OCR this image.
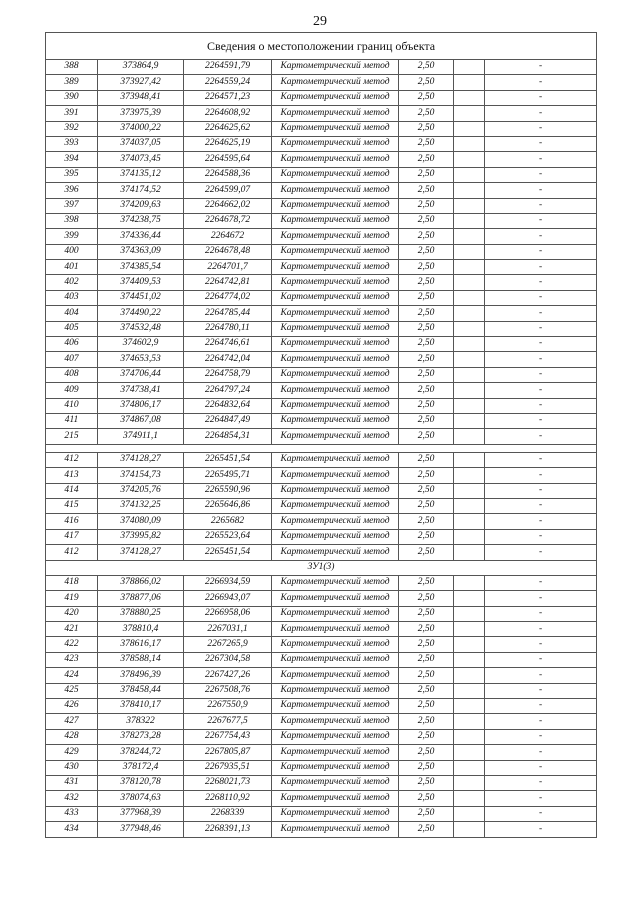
29
Сведения о местоположении границ объекта						
388	373864,9	2264591,79	Картометрический метод	2,50		-
389	373927,42	2264559,24	Картометрический метод	2,50		-
390	373948,41	2264571,23	Картометрический метод	2,50		-
391	373975,39	2264608,92	Картометрический метод	2,50		-
392	374000,22	2264625,62	Картометрический метод	2,50		-
393	374037,05	2264625,19	Картометрический метод	2,50		-
394	374073,45	2264595,64	Картометрический метод	2,50		-
395	374135,12	2264588,36	Картометрический метод	2,50		-
396	374174,52	2264599,07	Картометрический метод	2,50		-
397	374209,63	2264662,02	Картометрический метод	2,50		-
398	374238,75	2264678,72	Картометрический метод	2,50		-
399	374336,44	2264672	Картометрический метод	2,50		-
400	374363,09	2264678,48	Картометрический метод	2,50		-
401	374385,54	2264701,7	Картометрический метод	2,50		-
402	374409,53	2264742,81	Картометрический метод	2,50		-
403	374451,02	2264774,02	Картометрический метод	2,50		-
404	374490,22	2264785,44	Картометрический метод	2,50		-
405	374532,48	2264780,11	Картометрический метод	2,50		-
406	374602,9	2264746,61	Картометрический метод	2,50		-
407	374653,53	2264742,04	Картометрический метод	2,50		-
408	374706,44	2264758,79	Картометрический метод	2,50		-
409	374738,41	2264797,24	Картометрический метод	2,50		-
410	374806,17	2264832,64	Картометрический метод	2,50		-
411	374867,08	2264847,49	Картометрический метод	2,50		-
215	374911,1	2264854,31	Картометрический метод	2,50		-

412	374128,27	2265451,54	Картометрический метод	2,50		-
413	374154,73	2265495,71	Картометрический метод	2,50		-
414	374205,76	2265590,96	Картометрический метод	2,50		-
415	374132,25	2265646,86	Картометрический метод	2,50		-
416	374080,09	2265682	Картометрический метод	2,50		-
417	373995,82	2265523,64	Картометрический метод	2,50		-
412	374128,27	2265451,54	Картометрический метод	2,50		-
ЗУ1(3)						
418	378866,02	2266934,59	Картометрический метод	2,50		-
419	378877,06	2266943,07	Картометрический метод	2,50		-
420	378880,25	2266958,06	Картометрический метод	2,50		-
421	378810,4	2267031,1	Картометрический метод	2,50		-
422	378616,17	2267265,9	Картометрический метод	2,50		-
423	378588,14	2267304,58	Картометрический метод	2,50		-
424	378496,39	2267427,26	Картометрический метод	2,50		-
425	378458,44	2267508,76	Картометрический метод	2,50		-
426	378410,17	2267550,9	Картометрический метод	2,50		-
427	378322	2267677,5	Картометрический метод	2,50		-
428	378273,28	2267754,43	Картометрический метод	2,50		-
429	378244,72	2267805,87	Картометрический метод	2,50		-
430	378172,4	2267935,51	Картометрический метод	2,50		-
431	378120,78	2268021,73	Картометрический метод	2,50		-
432	378074,63	2268110,92	Картометрический метод	2,50		-
433	377968,39	2268339	Картометрический метод	2,50		-
434	377948,46	2268391,13	Картометрический метод	2,50		-
